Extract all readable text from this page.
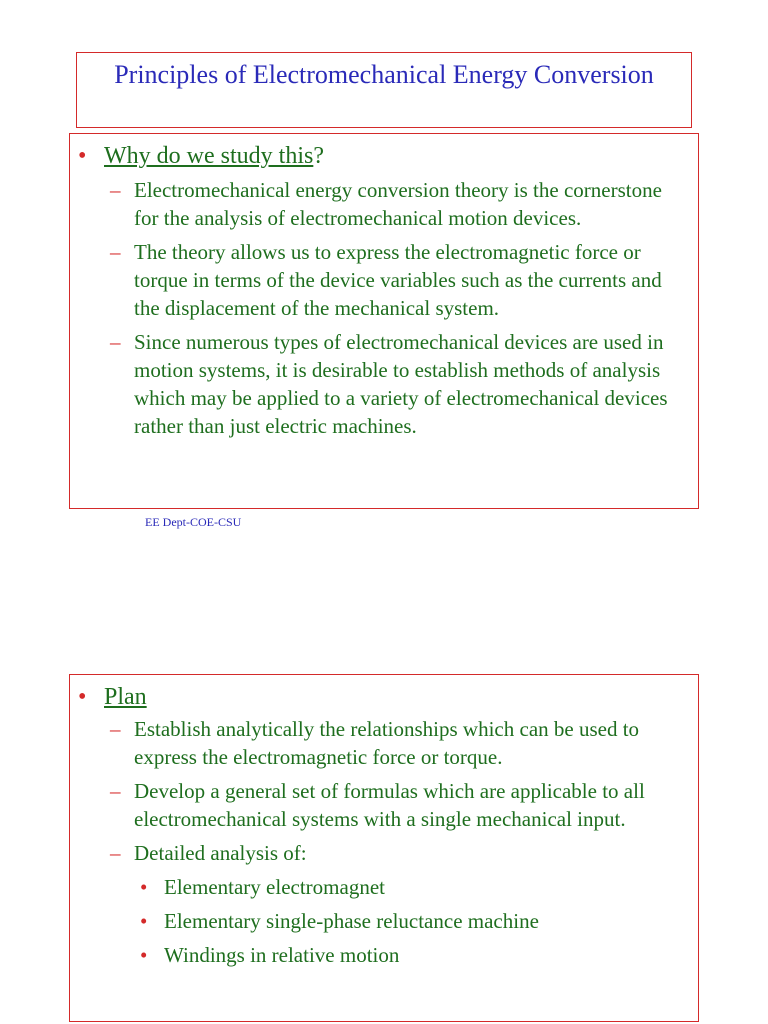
Principles of Electromechanical Energy Conversion
• Why do we study this?
– Electromechanical energy conversion theory is the cornerstone for the analysis of electromechanical motion devices.
– The theory allows us to express the electromagnetic force or torque in terms of the device variables such as the currents and the displacement of the mechanical system.
– Since numerous types of electromechanical devices are used in motion systems, it is desirable to establish methods of analysis which may be applied to a variety of electromechanical devices rather than just electric machines.
EE Dept-COE-CSU
• Plan
– Establish analytically the relationships which can be used to express the electromagnetic force or torque.
– Develop a general set of formulas which are applicable to all electromechanical systems with a single mechanical input.
– Detailed analysis of:
• Elementary electromagnet
• Elementary single-phase reluctance machine
• Windings in relative motion
